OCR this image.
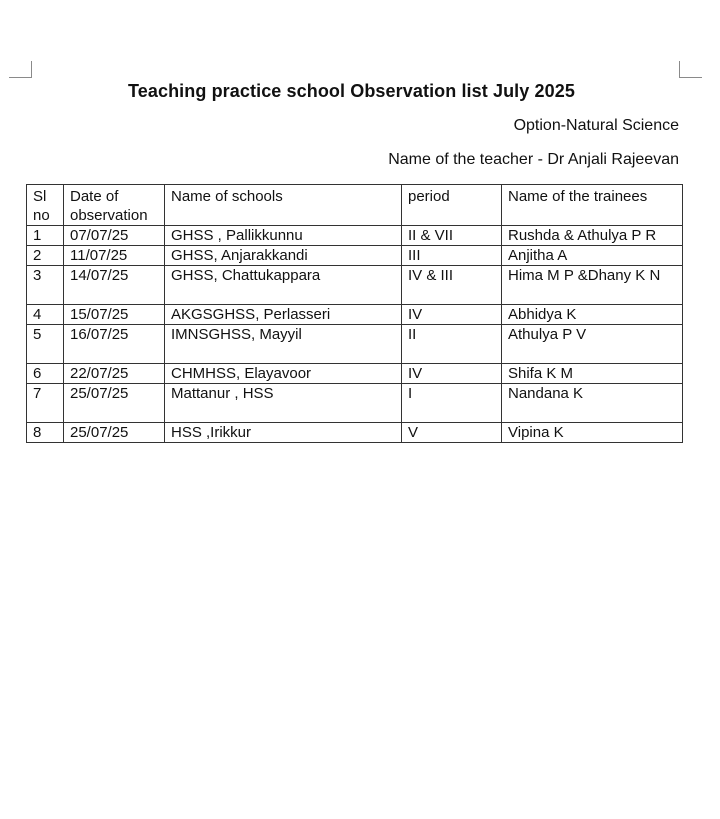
Teaching practice school Observation list July 2025
Option-Natural Science
Name of the teacher - Dr Anjali Rajeevan
Sl no	Date of observation	Name of schools	period	Name of the trainees
1	07/07/25	GHSS , Pallikkunnu	II & VII	Rushda & Athulya P R
2	11/07/25	GHSS, Anjarakkandi	III	Anjitha A
3	14/07/25	GHSS, Chattukappara	IV & III	Hima M P &Dhany K N
4	15/07/25	AKGSGHSS, Perlasseri	IV	Abhidya K
5	16/07/25	IMNSGHSS, Mayyil	II	Athulya P V
6	22/07/25	CHMHSS, Elayavoor	IV	Shifa K M
7	25/07/25	Mattanur , HSS	I	Nandana K
8	25/07/25	HSS ,Irikkur	V	Vipina K
